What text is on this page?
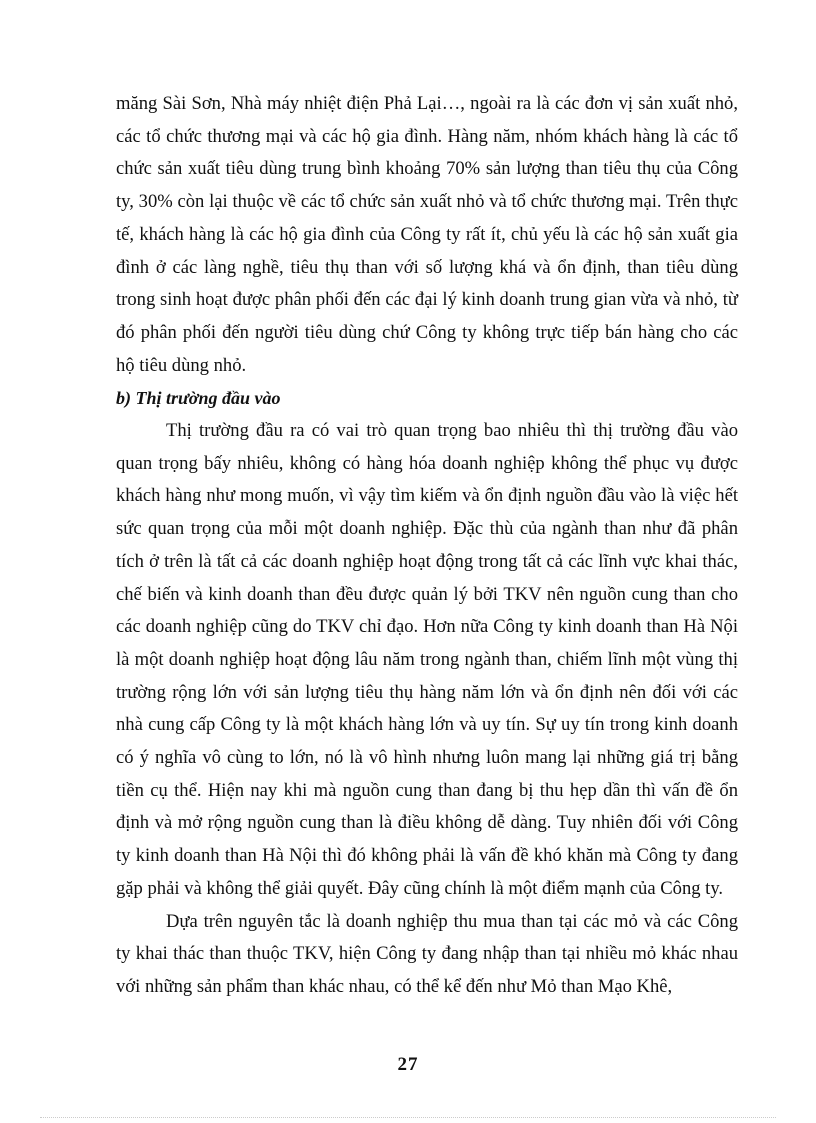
măng Sài Sơn, Nhà máy nhiệt điện Phả Lại…, ngoài ra là các đơn vị sản xuất nhỏ, các tổ chức thương mại và các hộ gia đình. Hàng năm, nhóm khách hàng là các tổ chức sản xuất tiêu dùng trung bình khoảng 70% sản lượng than tiêu thụ của Công ty, 30% còn lại thuộc về các tổ chức sản xuất nhỏ và tổ chức thương mại. Trên thực tế, khách hàng là các hộ gia đình của Công ty rất ít, chủ yếu là các hộ sản xuất gia đình ở các làng nghề, tiêu thụ than với số lượng khá và ổn định, than tiêu dùng trong sinh hoạt được phân phối đến các đại lý kinh doanh trung gian vừa và nhỏ, từ đó phân phối đến người tiêu dùng chứ Công ty không trực tiếp bán hàng cho các hộ tiêu dùng nhỏ.

b) Thị trường đầu vào

Thị trường đầu ra có vai trò quan trọng bao nhiêu thì thị trường đầu vào quan trọng bấy nhiêu, không có hàng hóa doanh nghiệp không thể phục vụ được khách hàng như mong muốn, vì vậy tìm kiếm và ổn định nguồn đầu vào là việc hết sức quan trọng của mỗi một doanh nghiệp. Đặc thù của ngành than như đã phân tích ở trên là tất cả các doanh nghiệp hoạt động trong tất cả các lĩnh vực khai thác, chế biến và kinh doanh than đều được quản lý bởi TKV nên nguồn cung than cho các doanh nghiệp cũng do TKV chỉ đạo. Hơn nữa Công ty kinh doanh than Hà Nội là một doanh nghiệp hoạt động lâu năm trong ngành than, chiếm lĩnh một vùng thị trường rộng lớn với sản lượng tiêu thụ hàng năm lớn và ổn định nên đối với các nhà cung cấp Công ty là một khách hàng lớn và uy tín. Sự uy tín trong kinh doanh có ý nghĩa vô cùng to lớn, nó là vô hình nhưng luôn mang lại những giá trị bằng tiền cụ thể. Hiện nay khi mà nguồn cung than đang bị thu hẹp dần thì vấn đề ổn định và mở rộng nguồn cung than là điều không dễ dàng. Tuy nhiên đối với Công ty kinh doanh than Hà Nội thì đó không phải là vấn đề khó khăn mà Công ty đang gặp phải và không thể giải quyết. Đây cũng chính là một điểm mạnh của Công ty.

Dựa trên nguyên tắc là doanh nghiệp thu mua than tại các mỏ và các Công ty khai thác than thuộc TKV, hiện Công ty đang nhập than tại nhiều mỏ khác nhau với những sản phẩm than khác nhau, có thể kể đến như Mỏ than Mạo Khê,

27
